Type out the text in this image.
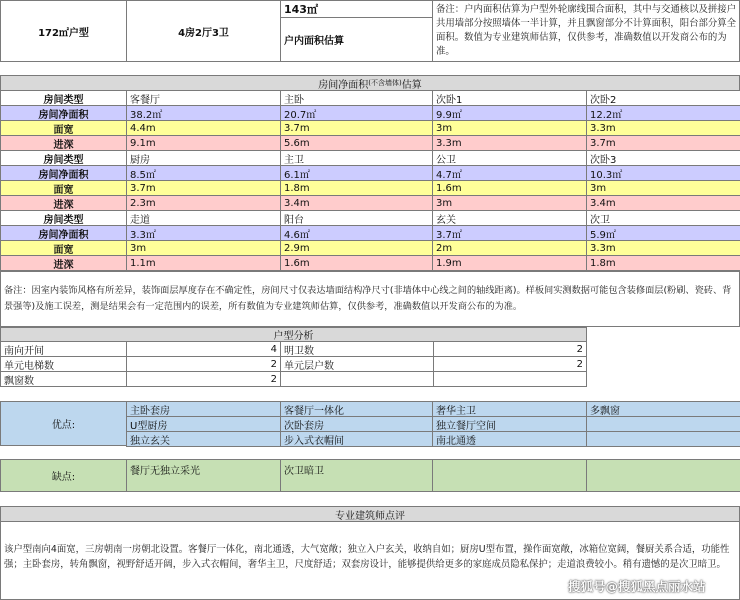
172㎡户型	4房2厅3卫
143㎡
户内面积估算
备注：户内面积估算为户型外轮廓线围合面积，其中与交通核以及拼接户共用墙部分按照墙体一半计算，并且飘窗部分不计算面积，阳台部分算全面积。数值为专业建筑师估算，仅供参考，准确数值以开发商公布的为准。
房间净面积 (不含墙体) 估算
房间类型	客餐厅	主卧	次卧1	次卧2
房间净面积	38.2㎡	20.7㎡	9.9㎡	12.2㎡
面宽	4.4m	3.7m	3m	3.3m
进深	9.1m	5.6m	3.3m	3.7m
房间类型	厨房	主卫	公卫	次卧3
房间净面积	8.5㎡	6.1㎡	4.7㎡	10.3㎡
面宽	3.7m	1.8m	1.6m	3m
进深	2.3m	3.4m	3m	3.4m
房间类型	走道	阳台	玄关	次卫
房间净面积	3.3㎡	4.6㎡	3.7㎡	5.9㎡
面宽	3m	2.9m	2m	3.3m
进深	1.1m	1.6m	1.9m	1.8m
备注：因室内装饰风格有所差异，装饰面层厚度存在不确定性，房间尺寸仅表达墙面结构净尺寸(非墙体中心线之间的轴线距离)。样板间实测数据可能包含装修面层(粉刷、瓷砖、背景强等)及施工误差，测是结果会有一定范围内的误差，所有数值为专业建筑师估算，仅供参考，准确数值以开发商公布的为准。
户型分析
南向开间	4 明卫数	2
单元电梯数	2 单元层户数	2
飘窗数	2
优点:
主卧套房	客餐厅一体化	奢华主卫	多飘窗
U型厨房	次卧套房	独立餐厅空间
独立玄关	步入式衣帽间	南北通透
缺点:
餐厅无独立采光	次卫暗卫
专业建筑师点评
该户型南向4面宽，三房朝南一房朝北设置。客餐厅一体化，南北通透，大气宽敞；独立入户玄关，收纳自如；厨房U型布置，操作面宽敞，冰箱位宽阔，餐厨关系合适，功能性强；主卧套房，转角飘窗，视野舒适开阔，步入式衣帽间，奢华主卫，尺度舒适；双套房设计，能够提供给更多的家庭成员隐私保护；走道浪费较小。稍有遗憾的是次卫暗卫。
搜狐号@搜狐黑点丽水站
